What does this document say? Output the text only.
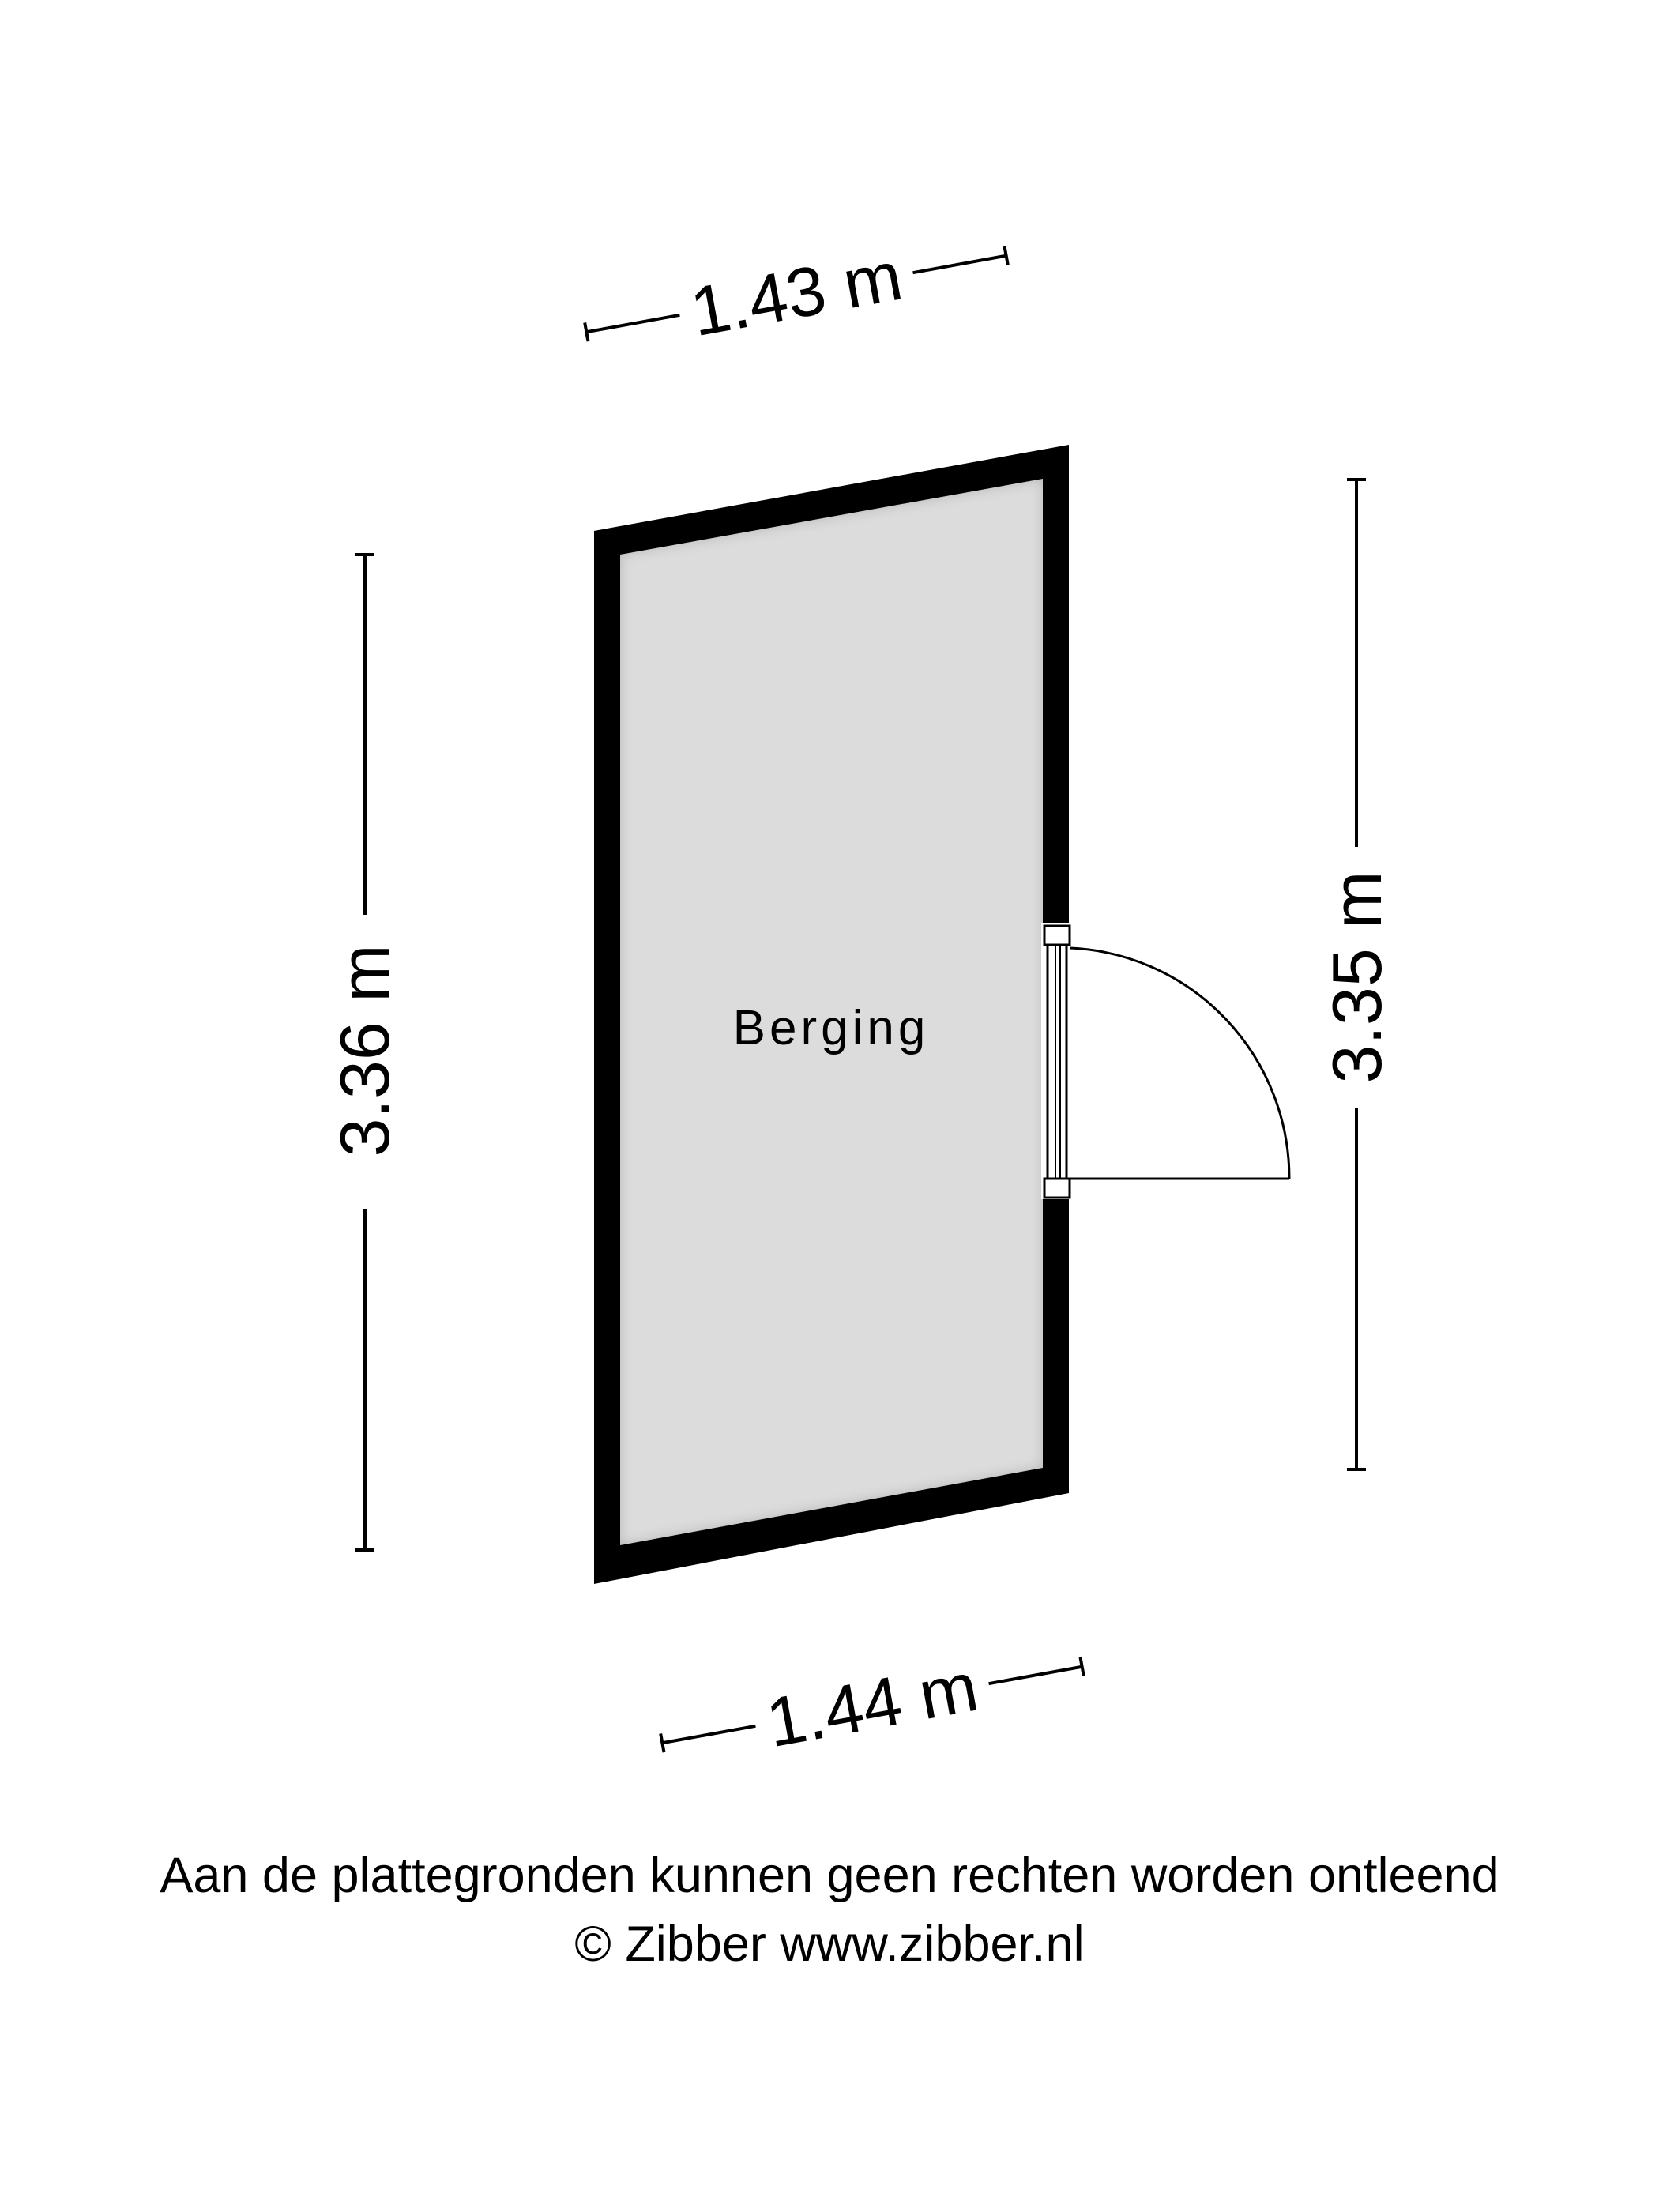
1.43 m
1.44 m
3.36 m	3.35 m
Berging
Aan de plattegronden kunnen geen rechten worden ontleend
© Zibber www.zibber.nl
